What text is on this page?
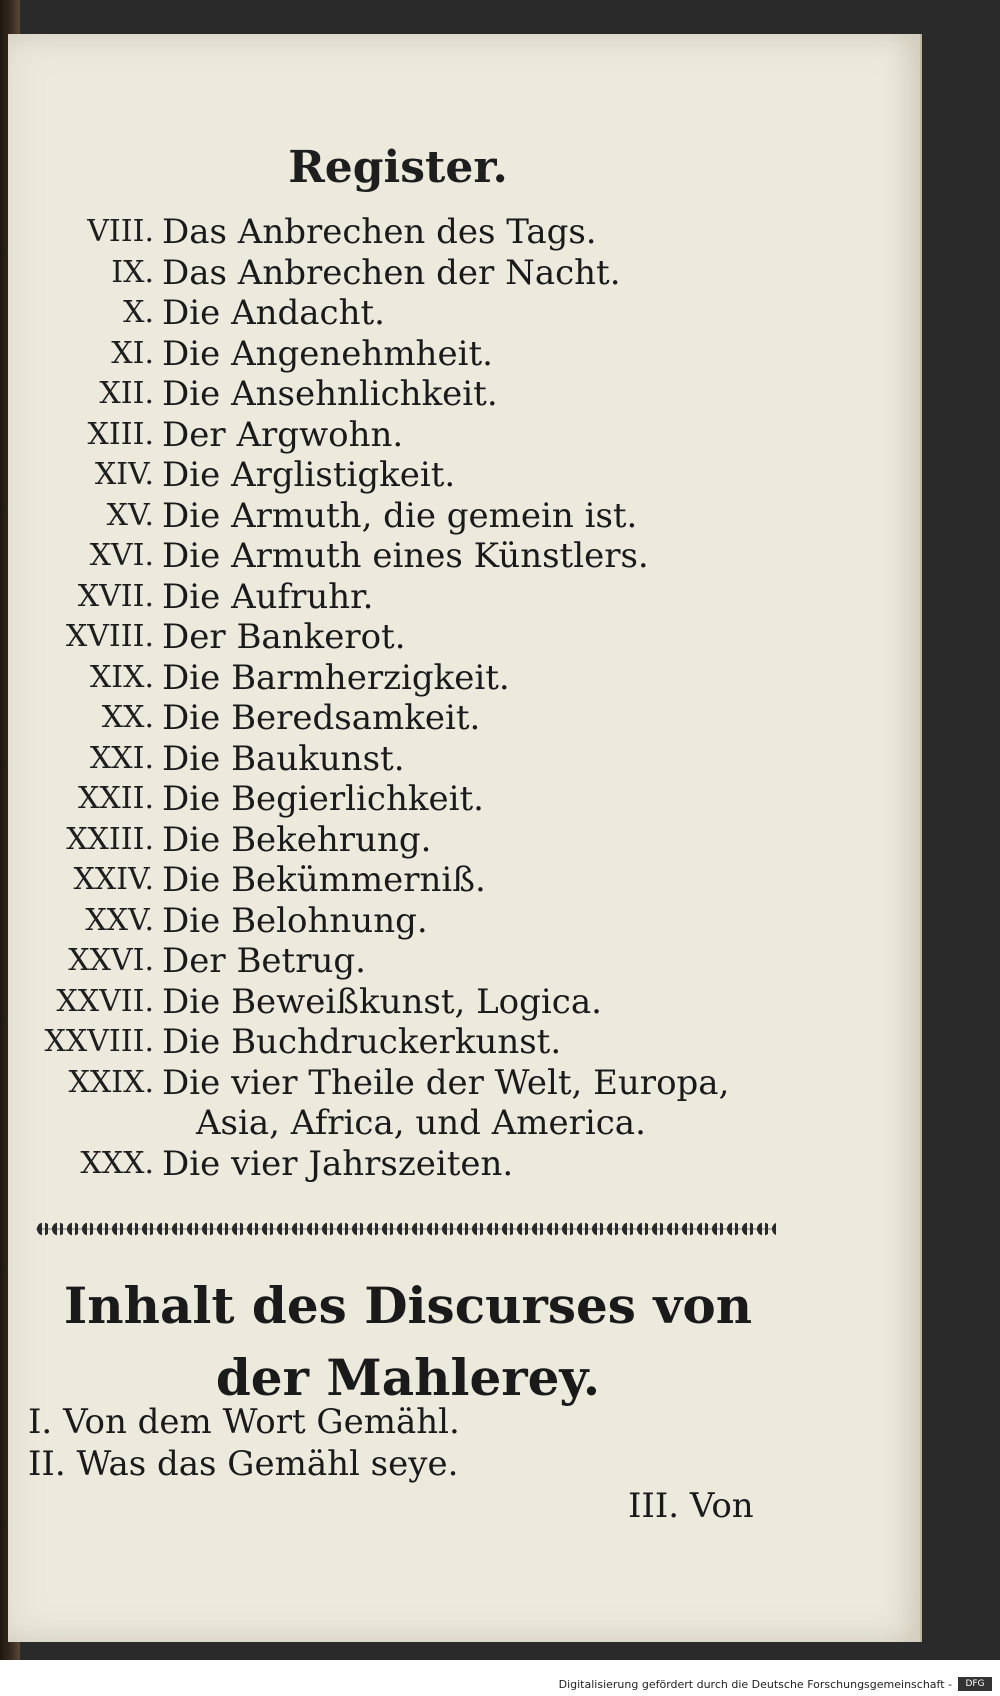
Register.
VIII. Das Anbrechen des Tags.
IX. Das Anbrechen der Nacht.
X. Die Andacht.
XI. Die Angenehmheit.
XII. Die Ansehnlichkeit.
XIII. Der Argwohn.
XIV. Die Arglistigkeit.
XV. Die Armuth, die gemein ist.
XVI. Die Armuth eines Künstlers.
XVII. Die Aufruhr.
XVIII. Der Bankerot.
XIX. Die Barmherzigkeit.
XX. Die Beredsamkeit.
XXI. Die Baukunst.
XXII. Die Begierlichkeit.
XXIII. Die Bekehrung.
XXIV. Die Bekümmerniß.
XXV. Die Belohnung.
XXVI. Der Betrug.
XXVII. Die Beweißkunst, Logica.
XXVIII. Die Buchdruckerkunst.
XXIX. Die vier Theile der Welt, Europa,
Asia, Africa, und America.
XXX. Die vier Jahrszeiten.
Inhalt des Discurses von der Mahlerey.
I. Von dem Wort Gemähl.
II. Was das Gemähl seye.
III. Von
Digitalisierung gefördert durch die Deutsche Forschungsgemeinschaft -	DFG
